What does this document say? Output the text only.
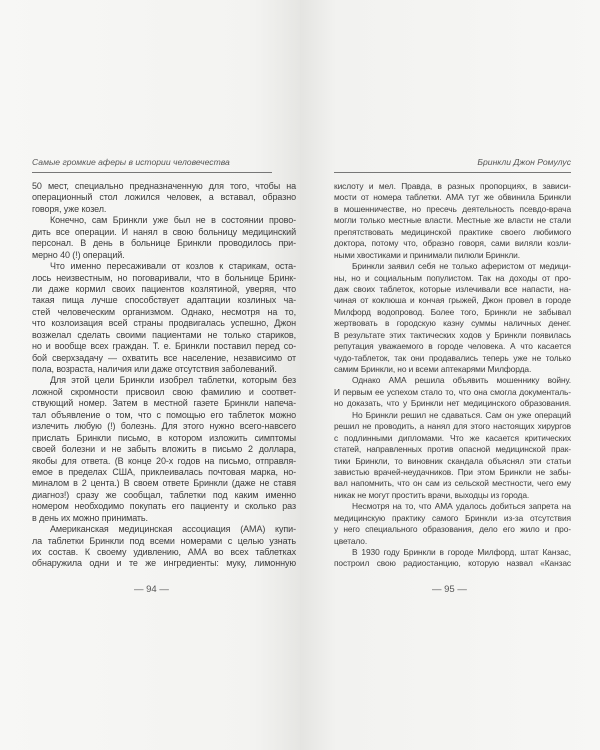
Самые громкие аферы в истории человечества
50 мест, специально предназначенную для того, чтобы на
операционный стол ложился человек, а вставал, образно
говоря, уже козел.
Конечно, сам Бринкли уже был не в состоянии прово-
дить все операции. И нанял в свою больницу медицинский
персонал. В день в больнице Бринкли проводилось при-
мерно 40 (!) операций.
Что именно пересаживали от козлов к старикам, оста-
лось неизвестным, но поговаривали, что в больнице Бринк-
ли даже кормил своих пациентов козлятиной, уверяя, что
такая пища лучше способствует адаптации козлиных ча-
стей человеческим организмом. Однако, несмотря на то,
что козлоизация всей страны продвигалась успешно, Джон
возжелал сделать своими пациентами не только стариков,
но и вообще всех граждан. Т. е. Бринкли поставил перед со-
бой сверхзадачу — охватить все население, независимо от
пола, возраста, наличия или даже отсутствия заболеваний.
Для этой цели Бринкли изобрел таблетки, которым без
ложной скромности присвоил свою фамилию и соответ-
ствующий номер. Затем в местной газете Бринкли напеча-
тал объявление о том, что с помощью его таблеток можно
излечить любую (!) болезнь. Для этого нужно всего-навсего
прислать Бринкли письмо, в котором изложить симптомы
своей болезни и не забыть вложить в письмо 2 доллара,
якобы для ответа. (В конце 20-х годов на письмо, отправля-
емое в пределах США, приклеивалась почтовая марка, но-
миналом в 2 цента.) В своем ответе Бринкли (даже не ставя
диагноз!) сразу же сообщал, таблетки под каким именно
номером необходимо покупать его пациенту и сколько раз
в день их можно принимать.
Американская медицинская ассоциация (АМА) купи-
ла таблетки Бринкли под всеми номерами с целью узнать
их состав. К своему удивлению, АМА во всех таблетках
обнаружила одни и те же ингредиенты: муку, лимонную
— 94 —
Бринкли Джон Ромулус
кислоту и мел. Правда, в разных пропорциях, в зависи-
мости от номера таблетки. АМА тут же обвинила Бринкли
в мошенничестве, но пресечь деятельность псевдо-врача
могли только местные власти. Местные же власти не стали
препятствовать медицинской практике своего любимого
доктора, потому что, образно говоря, сами виляли козли-
ными хвостиками и принимали пилюли Бринкли.
Бринкли заявил себя не только аферистом от медици-
ны, но и социальным популистом. Так на доходы от про-
даж своих таблеток, которые излечивали все напасти, на-
чиная от коклюша и кончая грыжей, Джон провел в городе
Милфорд водопровод. Более того, Бринкли не забывал
жертвовать в городскую казну суммы наличных денег.
В результате этих тактических ходов у Бринкли появилась
репутация уважаемого в городе человека. А что касается
чудо-таблеток, так они продавались теперь уже не только
самим Бринкли, но и всеми аптекарями Милфорда.
Однако АМА решила объявить мошеннику войну.
И первым ее успехом стало то, что она смогла документаль-
но доказать, что у Бринкли нет медицинского образования.
Но Бринкли решил не сдаваться. Сам он уже операций
решил не проводить, а нанял для этого настоящих хирургов
с подлинными дипломами. Что же касается критических
статей, направленных против опасной медицинской прак-
тики Бринкли, то виновник скандала объяснял эти статьи
завистью врачей-неудачников. При этом Бринкли не забы-
вал напомнить, что он сам из сельской местности, чего ему
никак не могут простить врачи, выходцы из города.
Несмотря на то, что АМА удалось добиться запрета на
медицинскую практику самого Бринкли из-за отсутствия
у него специального образования, дело его жило и про-
цветало.
В 1930 году Бринкли в городе Милфорд, штат Канзас,
построил свою радиостанцию, которую назвал «Канзас
— 95 —
